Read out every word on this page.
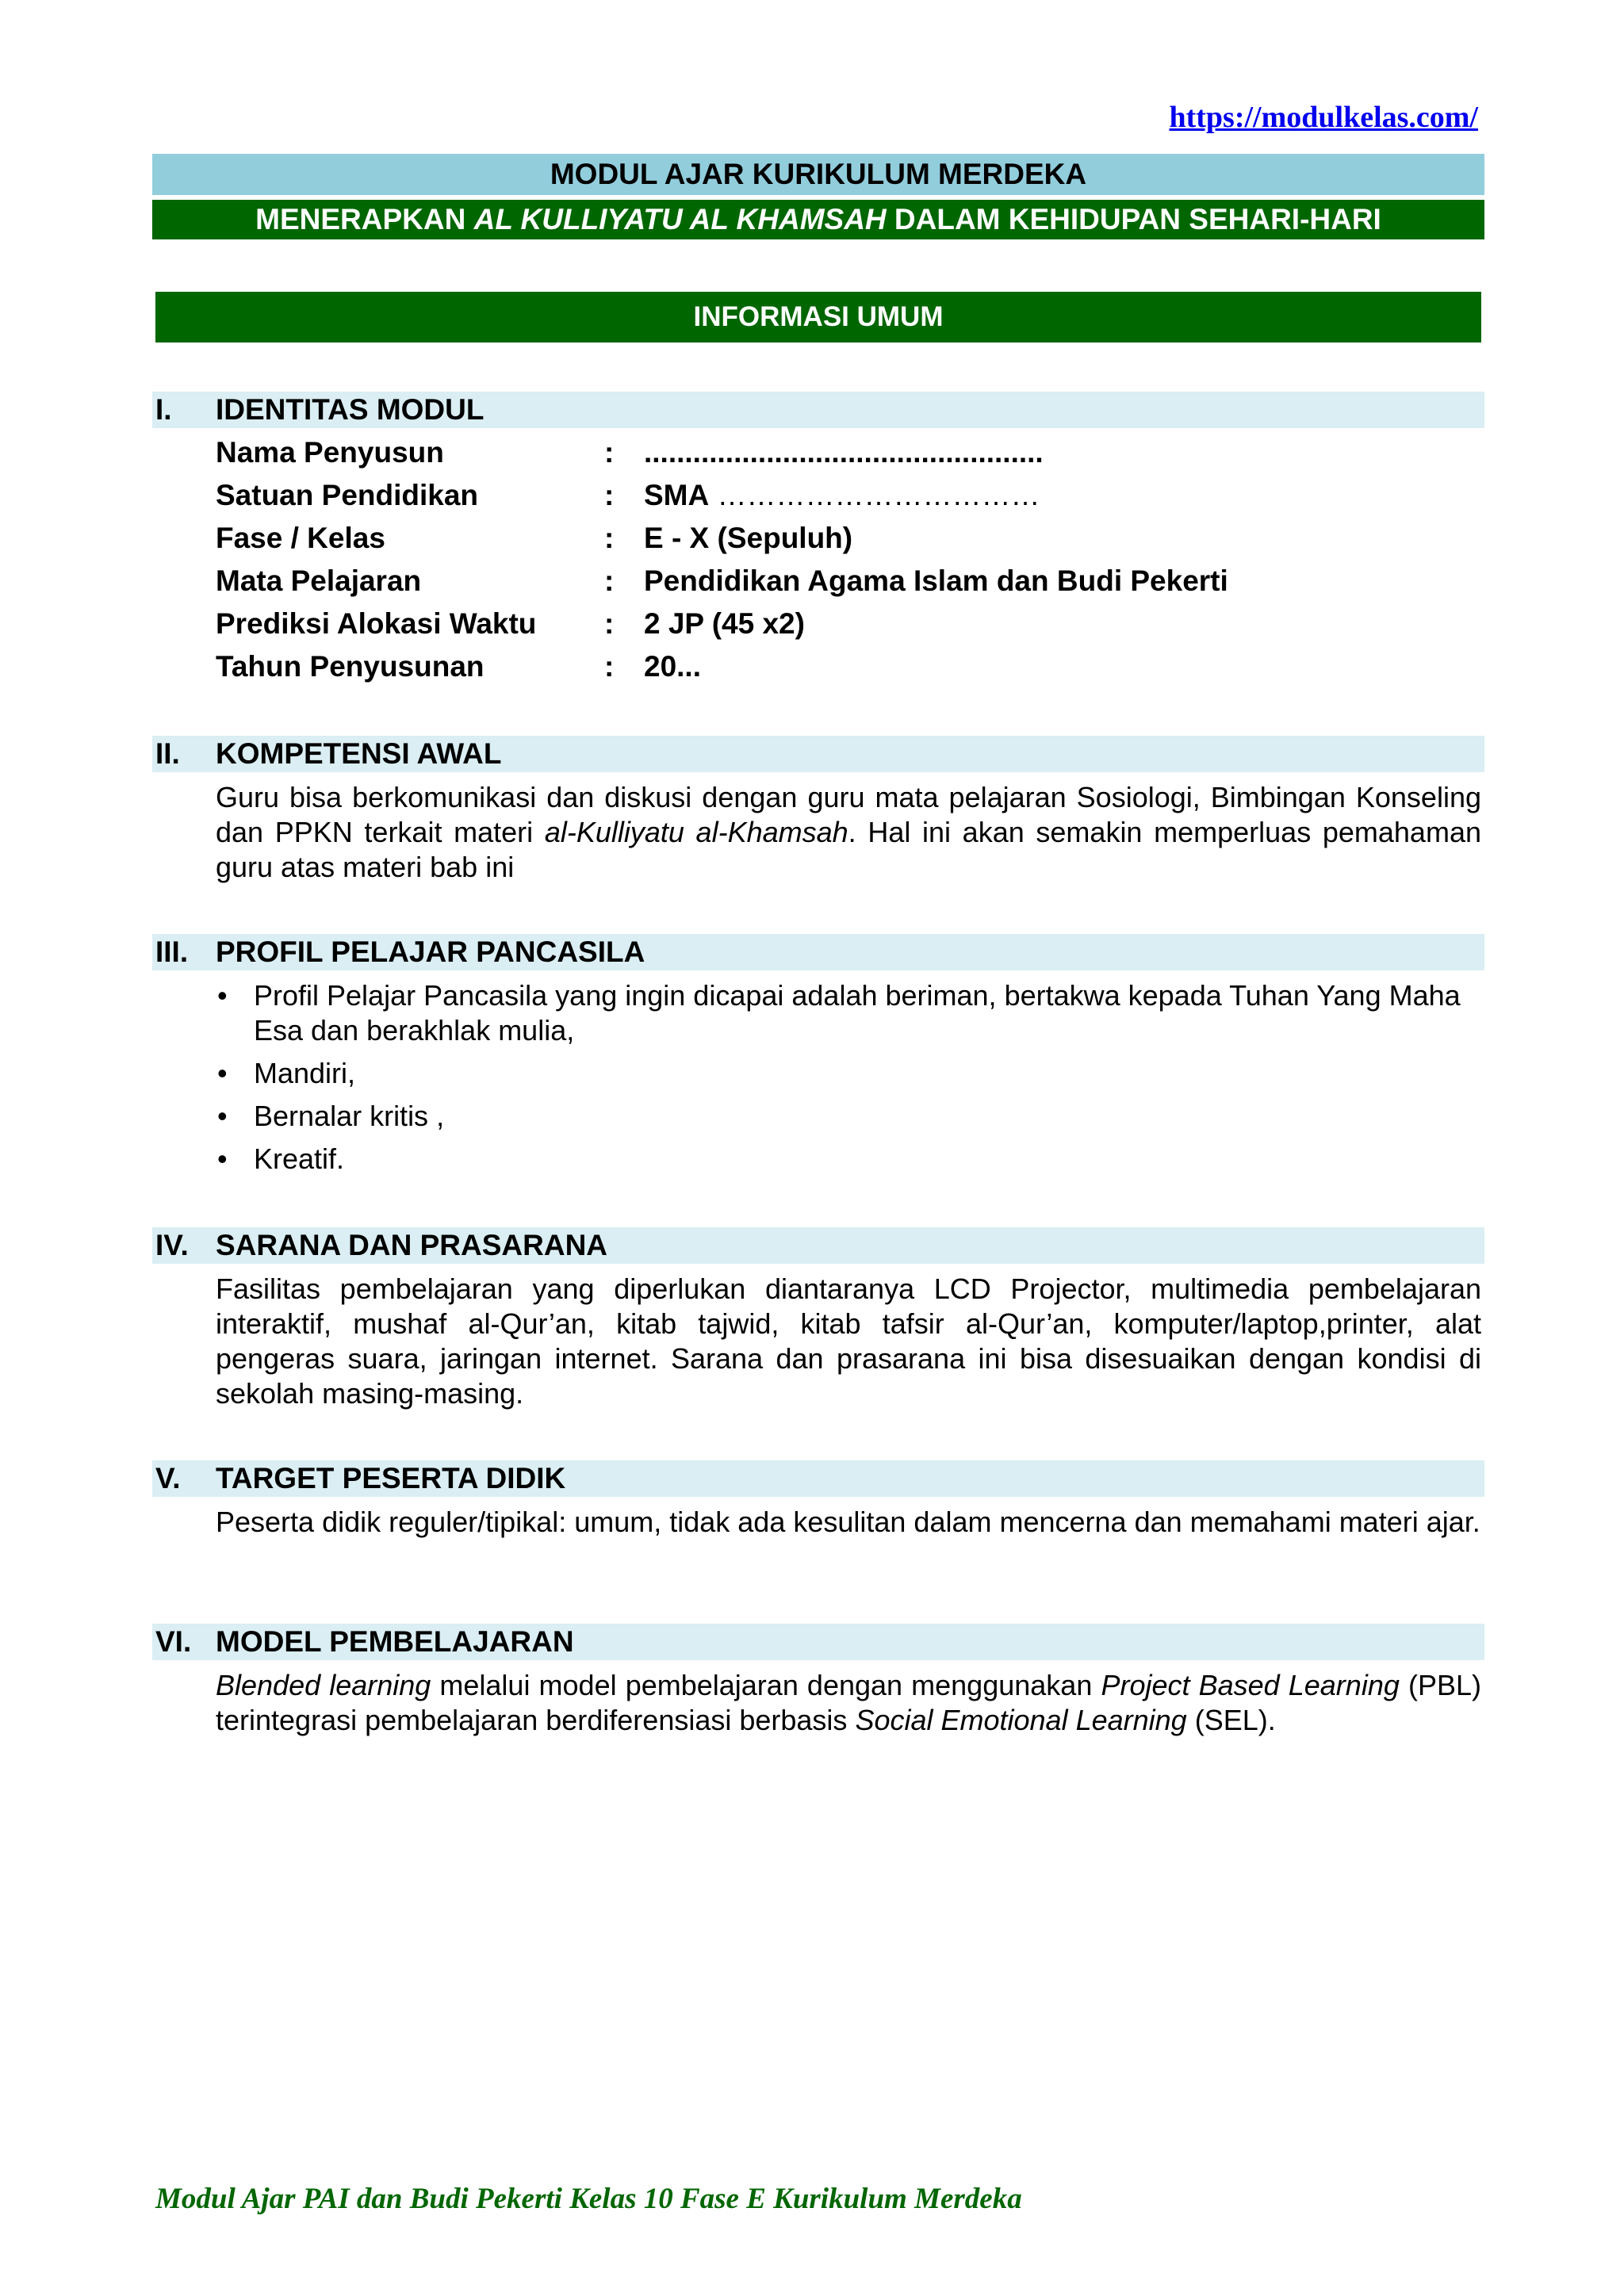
https://modulkelas.com/
MODUL AJAR KURIKULUM MERDEKA
MENERAPKAN AL KULLIYATU AL KHAMSAH DALAM KEHIDUPAN SEHARI-HARI
INFORMASI UMUM
I. IDENTITAS MODUL
Nama Penyusun	: .................................................
Satuan Pendidikan	: SMA ……………………………
Fase / Kelas	: E - X (Sepuluh)
Mata Pelajaran	: Pendidikan Agama Islam dan Budi Pekerti
Prediksi Alokasi Waktu : 2 JP (45 x2)
Tahun Penyusunan	: 20...
II. KOMPETENSI AWAL

Guru bisa berkomunikasi dan diskusi dengan guru mata pelajaran Sosiologi, Bimbingan Konseling dan PPKN terkait materi al-Kulliyatu al-Khamsah. Hal ini akan semakin memperluas pemahaman guru atas materi bab ini

III. PROFIL PELAJAR PANCASILA
• Profil Pelajar Pancasila yang ingin dicapai adalah beriman, bertakwa kepada Tuhan Yang Maha Esa dan berakhlak mulia,
• Mandiri,
• Bernalar kritis ,
• Kreatif.
IV. SARANA DAN PRASARANA

Fasilitas pembelajaran yang diperlukan diantaranya LCD Projector, multimedia pembelajaran interaktif, mushaf al-Qur’an, kitab tajwid, kitab tafsir al-Qur’an, komputer/laptop,printer, alat pengeras suara, jaringan internet. Sarana dan prasarana ini bisa disesuaikan dengan kondisi di sekolah masing-masing.

V. TARGET PESERTA DIDIK

Peserta didik reguler/tipikal: umum, tidak ada kesulitan dalam mencerna dan memahami materi ajar.

VI. MODEL PEMBELAJARAN

Blended learning melalui model pembelajaran dengan menggunakan Project Based Learning (PBL) terintegrasi pembelajaran berdiferensiasi berbasis Social Emotional Learning (SEL).

Modul Ajar PAI dan Budi Pekerti Kelas 10 Fase E Kurikulum Merdeka
